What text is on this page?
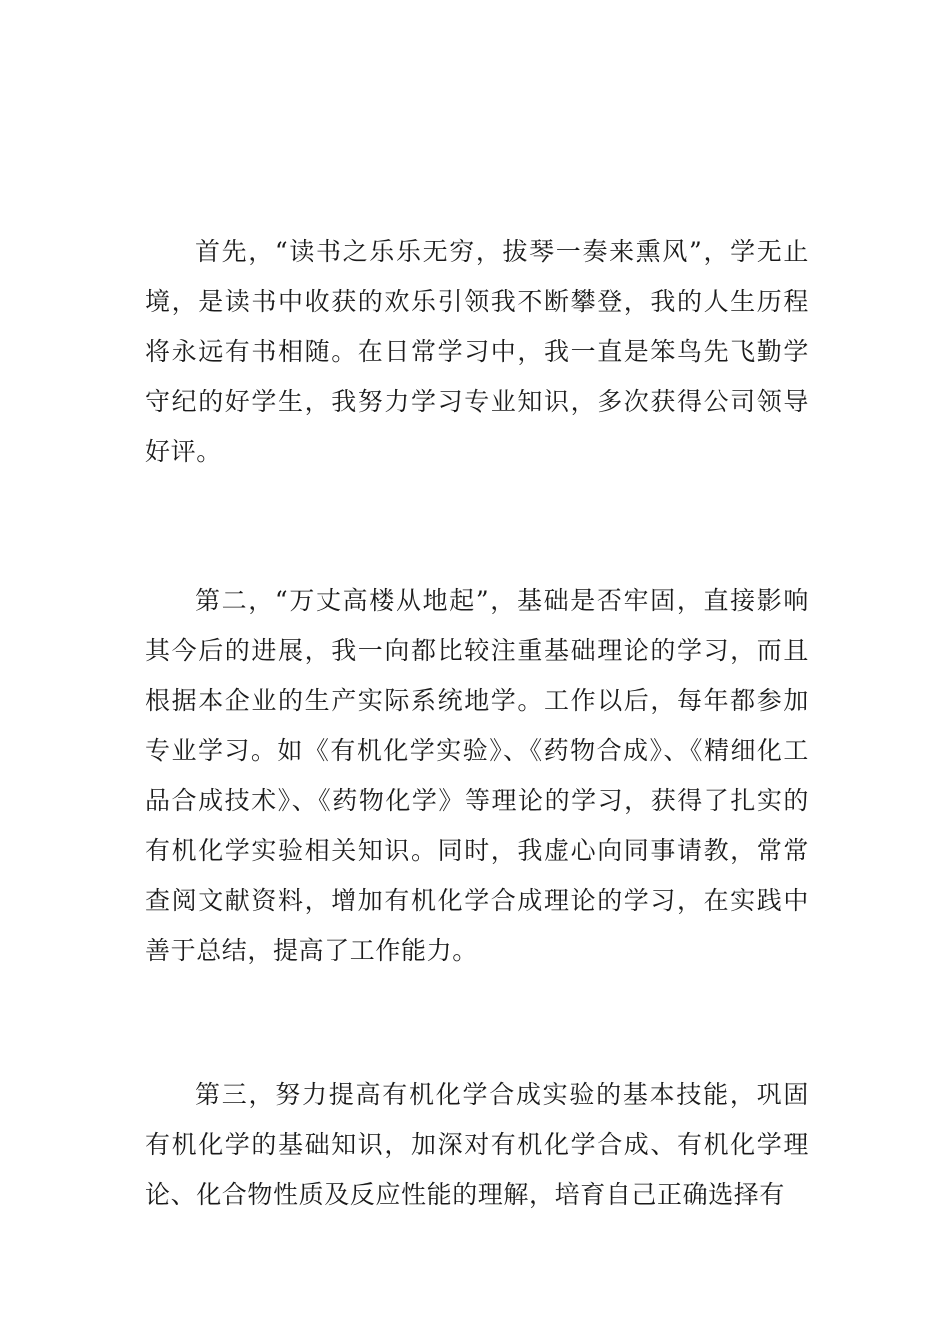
首先，“读书之乐乐无穷，拔琴一奏来熏风”，学无止境，是读书中收获的欢乐引领我不断攀登，我的人生历程将永远有书相随。在日常学习中，我一直是笨鸟先飞勤学守纪的好学生，我努力学习专业知识，多次获得公司领导好评。

第二，“万丈高楼从地起”，基础是否牢固，直接影响其今后的进展，我一向都比较注重基础理论的学习，而且根据本企业的生产实际系统地学。工作以后，每年都参加专业学习。如《有机化学实验》、《药物合成》、《精细化工品合成技术》、《药物化学》等理论的学习，获得了扎实的有机化学实验相关知识。同时，我虚心向同事请教，常常查阅文献资料，增加有机化学合成理论的学习，在实践中善于总结，提高了工作能力。

第三，努力提高有机化学合成实验的基本技能，巩固有机化学的基础知识，加深对有机化学合成、有机化学理论、化合物性质及反应性能的理解，培育自己正确选择有
